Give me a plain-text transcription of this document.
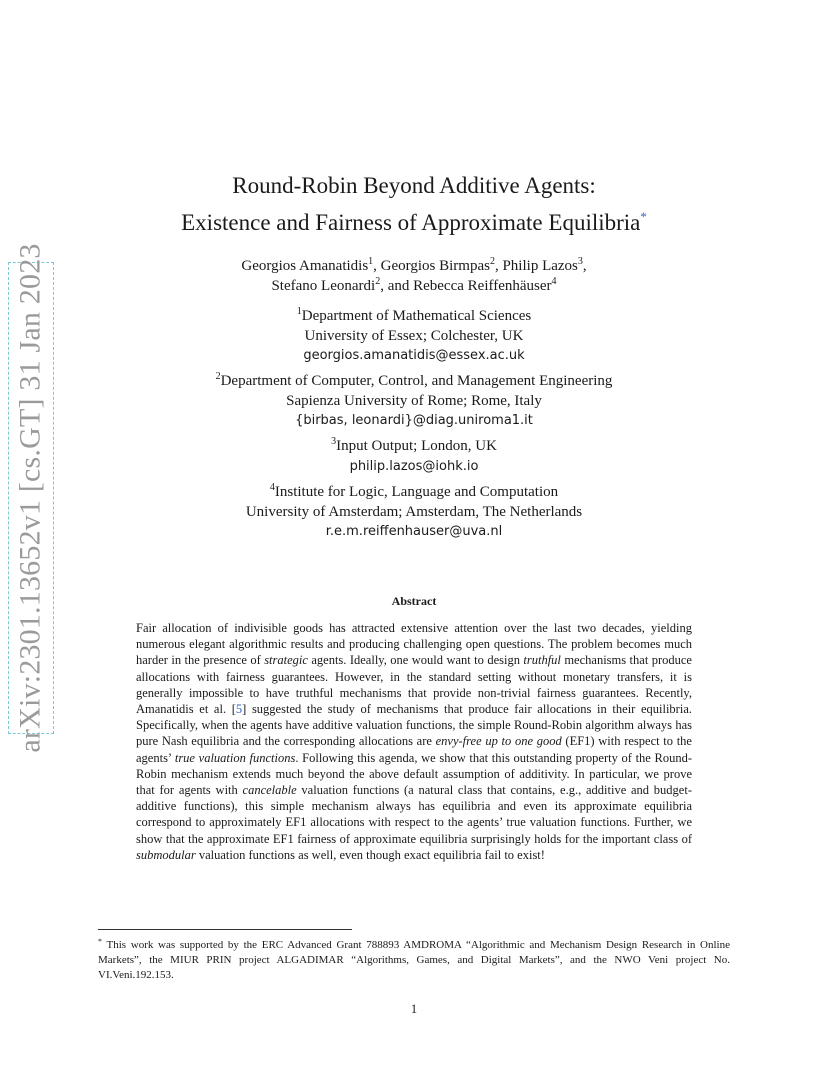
arXiv:2301.13652v1 [cs.GT] 31 Jan 2023
Round-Robin Beyond Additive Agents:
Existence and Fairness of Approximate Equilibria*
Georgios Amanatidis$^1$, Georgios Birmpas$^2$, Philip Lazos$^3$,
Stefano Leonardi$^2$, and Rebecca Reiffenhäuser$^4$
$^1$Department of Mathematical Sciences
University of Essex; Colchester, UK
georgios.amanatidis@essex.ac.uk
$^2$Department of Computer, Control, and Management Engineering
Sapienza University of Rome; Rome, Italy
{birbas, leonardi}@diag.uniroma1.it
$^3$Input Output; London, UK
philip.lazos@iohk.io
$^4$Institute for Logic, Language and Computation
University of Amsterdam; Amsterdam, The Netherlands
r.e.m.reiffenhauser@uva.nl
Abstract
Fair allocation of indivisible goods has attracted extensive attention over the last two decades, yielding numerous elegant algorithmic results and producing challenging open questions. The problem becomes much harder in the presence of strategic agents. Ideally, one would want to design truthful mechanisms that produce allocations with fairness guarantees. However, in the standard setting without monetary transfers, it is generally impossible to have truthful mechanisms that provide non-trivial fairness guarantees. Recently, Amanatidis et al. [5] suggested the study of mechanisms that produce fair allocations in their equilibria. Specifically, when the agents have additive valuation functions, the simple Round-Robin algorithm always has pure Nash equilibria and the corresponding allocations are envy-free up to one good (EF1) with respect to the agents’ true valuation functions. Following this agenda, we show that this outstanding property of the Round-Robin mechanism extends much beyond the above default assumption of additivity. In particular, we prove that for agents with cancelable valuation functions (a natural class that contains, e.g., additive and budget-additive functions), this simple mechanism always has equilibria and even its approximate equilibria correspond to approximately EF1 allocations with respect to the agents’ true valuation functions. Further, we show that the approximate EF1 fairness of approximate equilibria surprisingly holds for the important class of submodular valuation functions as well, even though exact equilibria fail to exist!
* This work was supported by the ERC Advanced Grant 788893 AMDROMA “Algorithmic and Mechanism Design Research in Online Markets”, the MIUR PRIN project ALGADIMAR “Algorithms, Games, and Digital Markets”, and the NWO Veni project No. VI.Veni.192.153.
1
